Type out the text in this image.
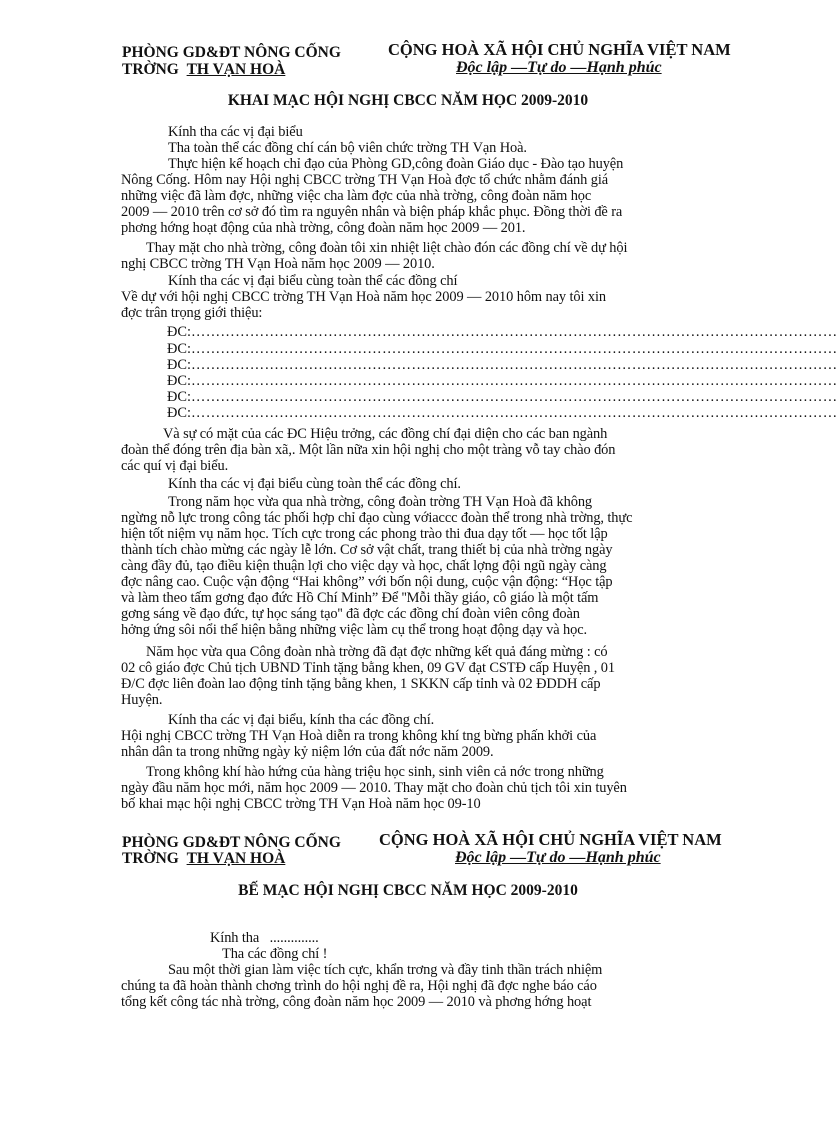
PHÒNG GD&ĐT NÔNG CỐNG
TRỜNG TH VẠN HOÀ
CỘNG HOÀ XÃ HỘI CHỦ NGHĨA VIỆT NAM
Độc lập —Tự do —Hạnh phúc
KHAI MẠC HỘI NGHỊ CBCC NĂM HỌC 2009-2010
Kính tha các vị đại biểu
Tha toàn thể các đồng chí cán bộ viên chức trờng TH Vạn Hoà.
Thực hiện kế hoạch chỉ đạo của Phòng GD,công đoàn Giáo dục - Đào tạo huyện
Nông Cống. Hôm nay Hội nghị CBCC trờng TH Vạn Hoà đợc tổ chức nhằm đánh giá
những việc đã làm đợc, những việc cha làm đợc của nhà trờng, công đoàn năm học
2009 — 2010 trên cơ sở đó tìm ra nguyên nhân và biện pháp khắc phục. Đồng thời đề ra
phơng hớng hoạt động của nhà trờng, công đoàn năm học 2009 — 201.
Thay mặt cho nhà trờng, công đoàn tôi xin nhiệt liệt chào đón các đồng chí về dự hội
nghị CBCC trờng TH Vạn Hoà năm học 2009 — 2010.
Kính tha các vị đại biểu cùng toàn thể các đồng chí
Về dự với hội nghị CBCC trờng TH Vạn Hoà năm học 2009 — 2010 hôm nay tôi xin
đợc trân trọng giới thiệu:
ĐC:……………………………………………………………………………………………………………………
ĐC:……………………………………………………………………………………………………………………
ĐC:……………………………………………………………………………………………………………………
ĐC:……………………………………………………………………………………………………………………
ĐC:……………………………………………………………………………………………………………………
ĐC:……………………………………………………………………………………………………………………
Và sự có mặt của các ĐC Hiệu trởng, các đồng chí đại diện cho các ban ngành
đoàn thể đóng trên địa bàn xã,. Một lần nữa xin hội nghị cho một tràng vỗ tay chào đón
các quí vị đại biểu.
Kính tha các vị đại biểu cùng toàn thể các đồng chí.
Trong năm học vừa qua nhà trờng, công đoàn trờng TH Vạn Hoà đã không
ngừng nỗ lực trong công tác phối hợp chỉ đạo cùng vớiaccc đoàn thể trong nhà trờng, thực
hiện tốt niệm vụ năm học. Tích cực trong các phong trào thi đua dạy tốt — học tốt lập
thành tích chào mừng các ngày lễ lớn. Cơ sở vật chất, trang thiết bị của nhà trờng ngày
càng đầy đủ, tạo điều kiện thuận lợi cho việc dạy và học, chất lợng đội ngũ ngày càng
đợc nâng cao. Cuộc vận động “Hai không” với bốn nội dung, cuộc vận động: “Học tập
và làm theo tấm gơng đạo đức Hồ Chí Minh” Để ''Mỗi thầy giáo, cô giáo là một tấm
gơng sáng về đạo đức, tự học sáng tạo'' đã đợc các đồng chí đoàn viên công đoàn
hởng ứng sôi nổi thể hiện bằng những việc làm cụ thể trong hoạt động dạy và học.
Năm học vừa qua Công đoàn nhà trờng đã đạt đợc những kết quả đáng mừng : có
02 cô giáo đợc Chủ tịch UBND Tỉnh tặng bằng khen, 09 GV đạt CSTĐ cấp Huyện , 01
Đ/C đợc liên đoàn lao động tỉnh tặng bằng khen, 1 SKKN cấp tỉnh và 02 ĐDDH cấp
Huyện.
Kính tha các vị đại biểu, kính tha các đồng chí.
Hội nghị CBCC trờng TH Vạn Hoà diễn ra trong không khí tng bừng phấn khởi của
nhân dân ta trong những ngày kỷ niệm lớn của đất nớc năm 2009.
Trong không khí hào hứng của hàng triệu học sinh, sinh viên cả nớc trong những
ngày đầu năm học mới, năm học 2009 — 2010. Thay mặt cho đoàn chủ tịch tôi xin tuyên
bố khai mạc hội nghị CBCC trờng TH Vạn Hoà năm học 09-10
PHÒNG GD&ĐT NÔNG CỐNG
TRỜNG TH VẠN HOÀ
CỘNG HOÀ XÃ HỘI CHỦ NGHĨA VIỆT NAM
Độc lập —Tự do —Hạnh phúc
BẾ MẠC HỘI NGHỊ CBCC NĂM HỌC 2009-2010
Kính tha ..............
Tha các đồng chí !
Sau một thời gian làm việc tích cực, khẩn trơng và đầy tinh thần trách nhiệm
chúng ta đã hoàn thành chơng trình do hội nghị đề ra, Hội nghị đã đợc nghe báo cáo
tổng kết công tác nhà trờng, công đoàn năm học 2009 — 2010 và phơng hớng hoạt
